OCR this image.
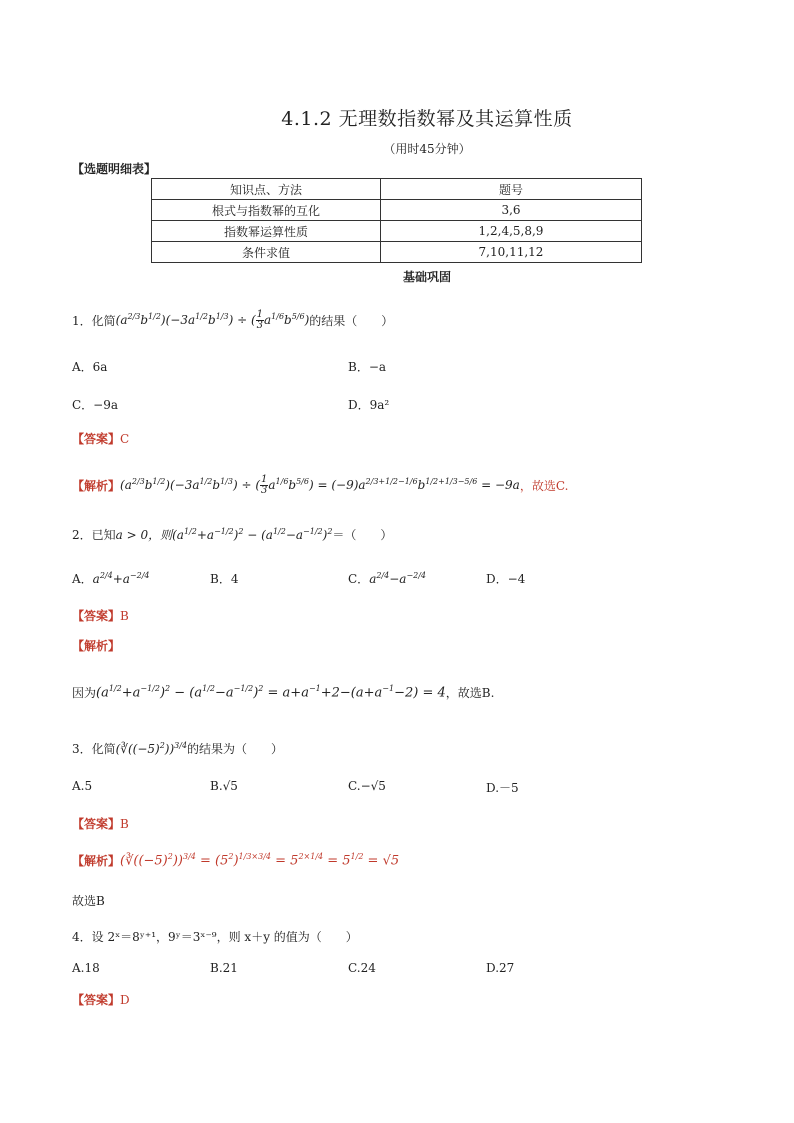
4.1.2 无理数指数幂及其运算性质
（用时45分钟）
【选题明细表】
知识点、方法	题号
根式与指数幂的互化	3,6
指数幂运算性质	1,2,4,5,8,9
条件求值	7,10,11,12
基础巩固
1．化简 $(a^{2/3}b^{1/2})(-3a^{1/2}b^{1/3})$ ÷ ( $\frac{1}{3} a^{1/6}b^{5/6}$) 的结果（　　）
A．6a	B．−a
C．−9a	D．9a²
【答案】C
【解析】 $(a^{2/3}b^{1/2})(-3a^{1/2}b^{1/3})$ ÷ ( $\frac{1}{3} a^{1/6}b^{5/6}) = (-9)a^{2/3+1/2-1/6}b^{1/2+1/3-5/6} = -9a$ ，故选C.
2．已知a > 0，则$(a^{1/2}+a^{-1/2})^2 - (a^{1/2}-a^{-1/2})^2=$（　　）
A．$a^{2/4}+a^{-2/4}$	B．4	C．$a^{2/4}-a^{-2/4}$	D．−4
【答案】B
【解析】
因为 $(a^{1/2}+a^{-1/2})^2 - (a^{1/2}-a^{-1/2})^2 = a+a^{-1}+2-(a+a^{-1}-2) = 4$ ，故选B.
3．化简 $(∛((-5)^2))^{3/4}$ 的结果为（　　）
A.5	B.√5	C.−√5	D.－5
【答案】B
【解析】 $(∛((-5)^2))^{3/4} = (5^2)^{1/3\times 3/4} = 5^{2\times 1/4} = 5^{1/2} = √5$
故选B
4．设 2ˣ＝8ʸ⁺¹，9ʸ＝3ˣ⁻⁹，则 x＋y 的值为（　　）
A.18	B.21	C.24	D.27
【答案】D
